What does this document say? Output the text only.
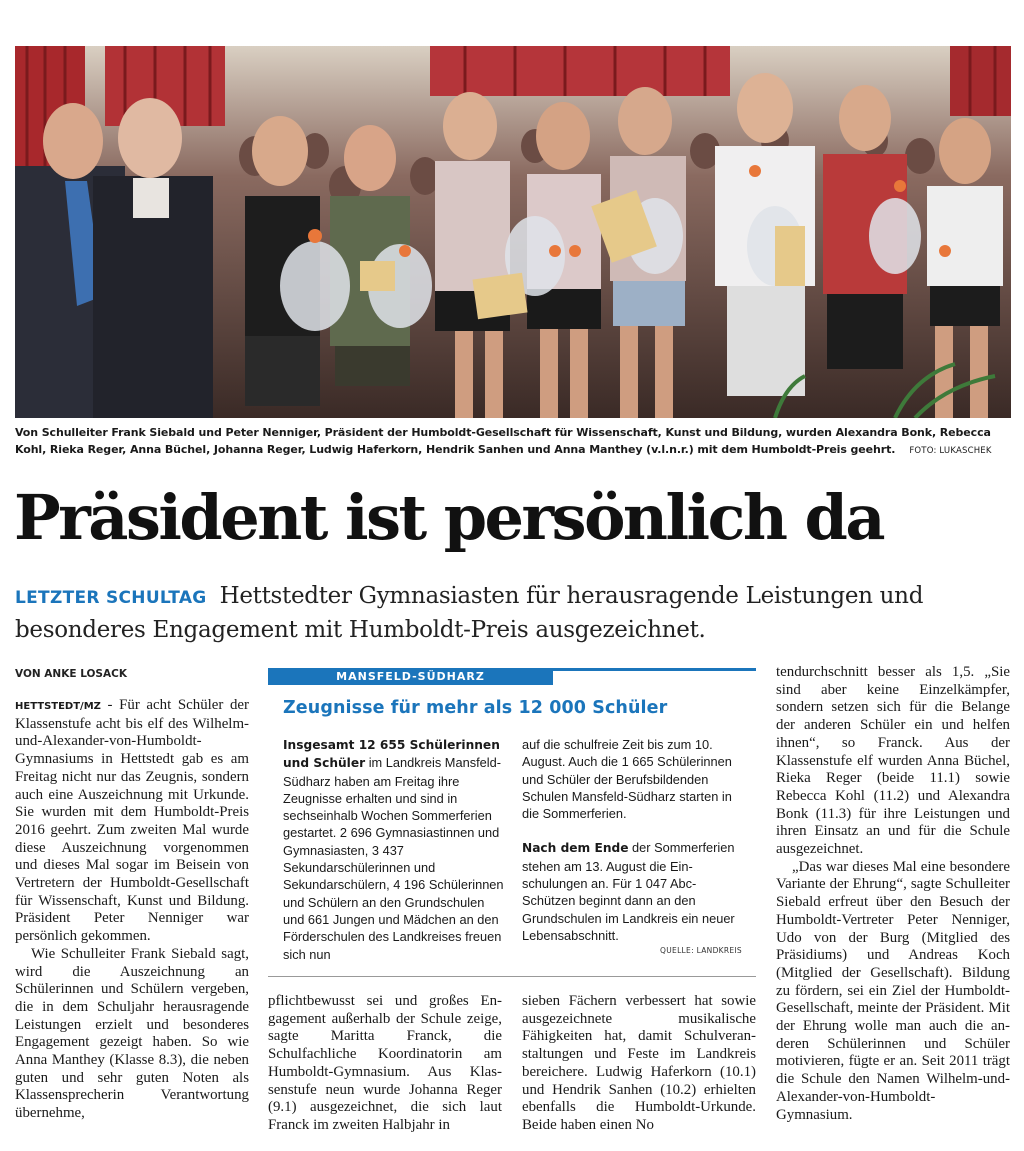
Von Schulleiter Frank Siebald und Peter Nenniger, Präsident der Humboldt-Gesellschaft für Wissenschaft, Kunst und Bildung, wurden Alexandra Bonk, Rebecca Kohl, Rieka Reger, Anna Büchel, Johanna Reger, Ludwig Haferkorn, Hendrik Sanhen und Anna Manthey (v.l.n.r.) mit dem Humboldt-Preis geehrt. FOTO: LUKASCHEK
Präsident ist persönlich da
LETZTER SCHULTAG Hettstedter Gymnasiasten für herausragende Leistungen und besonderes Engagement mit Humboldt-Preis ausgezeichnet.
VON ANKE LOSACK

HETTSTEDT/MZ - Für acht Schüler der Klassenstufe acht bis elf des Wilhelm-und-Alexander-von-Humboldt-Gymnasiums in Hettstedt gab es am Freitag nicht nur das Zeugnis, sondern auch eine Auszeichnung mit Urkunde. Sie wurden mit dem Humboldt-Preis 2016 geehrt. Zum zweiten Mal wurde diese Auszeichnung vorgenommen und dieses Mal sogar im Beisein von Vertretern der Humboldt-Gesellschaft für Wissenschaft, Kunst und Bildung. Präsident Peter Nenniger war persönlich gekommen.

Wie Schulleiter Frank Siebald sagt, wird die Auszeichnung an Schülerinnen und Schülern vergeben, die in dem Schuljahr herausragende Leistungen erzielt und besonderes Engagement gezeigt haben. So wie Anna Manthey (Klasse 8.3), die neben guten und sehr guten Noten als Klassensprecherin Verantwortung übernehme,

MANSFELD-SÜDHARZ
Zeugnisse für mehr als 12 000 Schüler

Insgesamt 12 655 Schülerinnen und Schüler im Landkreis Mansfeld-Südharz haben am Freitag ihre Zeugnisse erhalten und sind in sechseinhalb Wochen Sommerferien gestartet. 2 696 Gymnasiastinnen und Gymnasiasten, 3 437 Sekundarschülerinnen und Sekundarschülern, 4 196 Schülerinnen und Schülern an den Grundschulen und 661 Jungen und Mädchen an den Förderschulen des Landkreises freuen sich nun

auf die schulfreie Zeit bis zum 10. August. Auch die 1 665 Schülerinnen und Schüler der Berufsbildenden Schulen Mansfeld-Südharz starten in die Sommerferien.

Nach dem Ende der Sommerferien stehen am 13. August die Einschulungen an. Für 1 047 Abc-Schützen beginnt dann an den Grundschulen im Landkreis ein neuer Lebensabschnitt.

QUELLE: LANDKREIS

pflichtbewusst sei und großes Engagement außerhalb der Schule zeige, sagte Maritta Franck, die Schulfachliche Koordinatorin am Humboldt-Gymnasium. Aus Klassenstufe neun wurde Johanna Reger (9.1) ausgezeichnet, die sich laut Franck im zweiten Halbjahr in

sieben Fächern verbessert hat sowie ausgezeichnete musikalische Fähigkeiten hat, damit Schulveranstaltungen und Feste im Landkreis bereichere. Ludwig Haferkorn (10.1) und Hendrik Sanhen (10.2) erhielten ebenfalls die Humboldt-Urkunde. Beide haben einen No

tendurchschnitt besser als 1,5. „Sie sind aber keine Einzelkämpfer, sondern setzen sich für die Belange der anderen Schüler ein und helfen ihnen“, so Franck. Aus der Klassenstufe elf wurden Anna Büchel, Rieka Reger (beide 11.1) sowie Rebecca Kohl (11.2) und Alexandra Bonk (11.3) für ihre Leistungen und ihren Einsatz an und für die Schule ausgezeichnet.

„Das war dieses Mal eine besondere Variante der Ehrung“, sagte Schulleiter Siebald erfreut über den Besuch der Humboldt-Vertreter Peter Nenniger, Udo von der Burg (Mitglied des Präsidiums) und Andreas Koch (Mitglied der Gesellschaft). Bildung zu fördern, sei ein Ziel der Humboldt-Gesellschaft, meinte der Präsident. Mit der Ehrung wolle man auch die anderen Schülerinnen und Schüler motivieren, fügte er an. Seit 2011 trägt die Schule den Namen Wilhelm-und-Alexander-von-Humboldt-Gymnasium.
